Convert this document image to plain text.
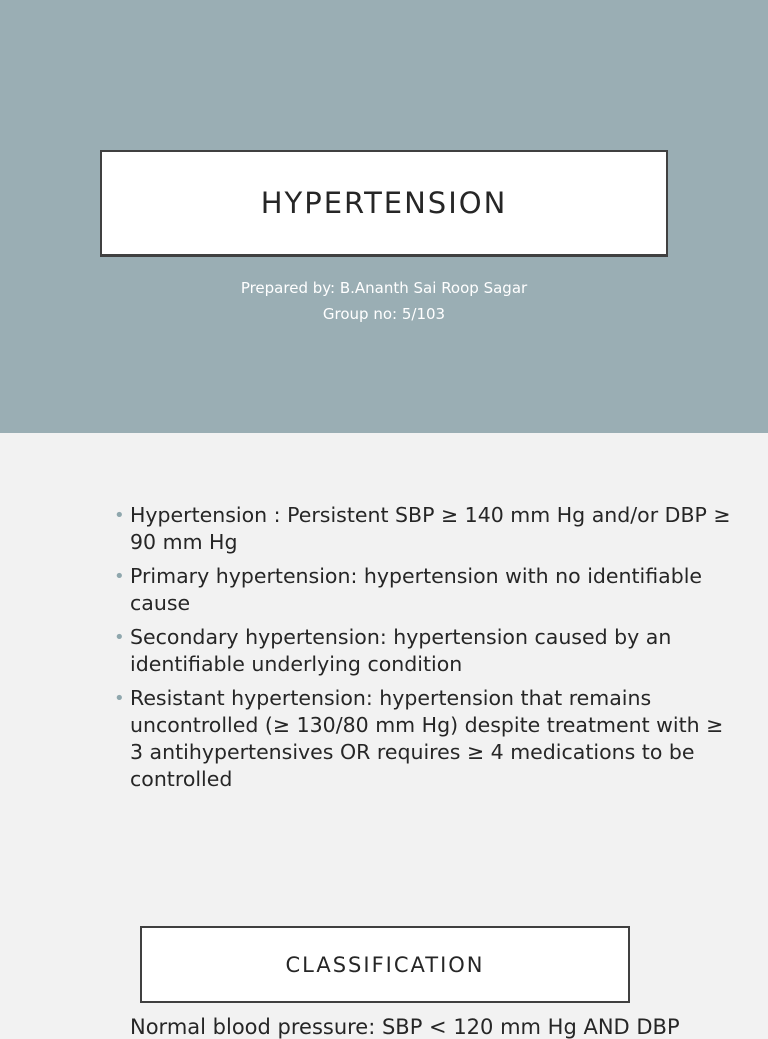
HYPERTENSION
Prepared by: B.Ananth Sai Roop Sagar
Group no: 5/103
• Hypertension : Persistent SBP ≥ 140 mm Hg and/or DBP ≥ 90 mm Hg
• Primary hypertension: hypertension with no identifiable cause
• Secondary hypertension: hypertension caused by an identifiable underlying condition
• Resistant hypertension: hypertension that remains uncontrolled (≥ 130/80 mm Hg) despite treatment with ≥ 3 antihypertensives OR requires ≥ 4 medications to be controlled
CLASSIFICATION
Normal blood pressure: SBP < 120 mm Hg AND DBP
